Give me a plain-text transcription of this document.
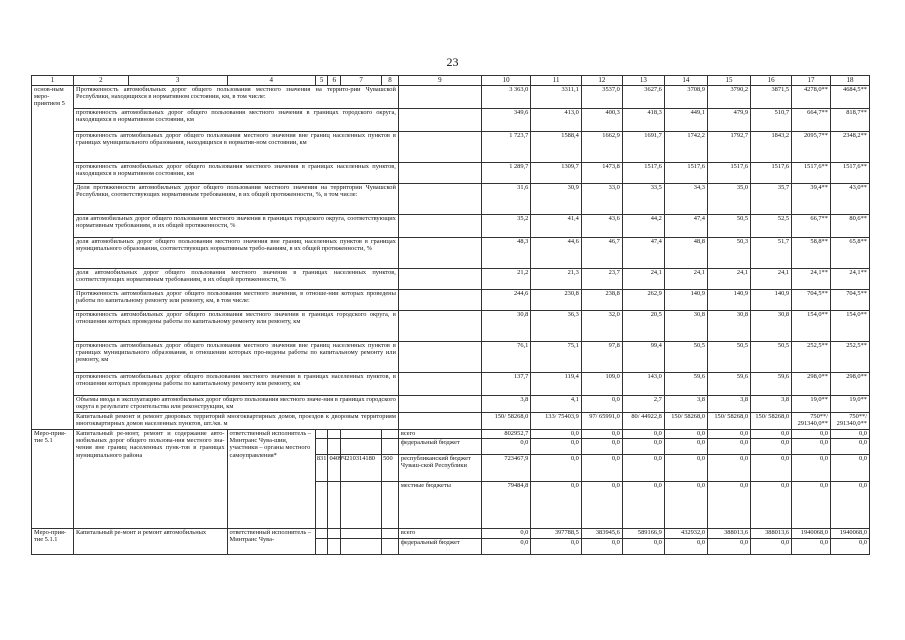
23
1	2	3	4	5	6	7	8	9	10	11	12	13	14	15	16	17	18
основ-ным меро-приятием 5	Протяженность автомобильных дорог общего пользования местного значения на террито-рии Чувашской Республики, находящихся в нормативном состоянии, км, в том числе:								3 363,0	3311,1	3537,0	3627,6	3708,9	3790,2	3871,5	4278,0**	4684,5**
	протяженность автомобильных дорог общего пользования местного значения в границах городского округа, находящихся в нормативном состоянии, км								349,6	413,0	400,3	418,3	449,1	479,9	510,7	664,7**	818,7**
	протяженность автомобильных дорог общего пользования местного значения вне границ населенных пунктов в границах муниципального образования, находящихся в норматив-ном состоянии, км								1 723,7	1588,4	1662,9	1691,7	1742,2	1792,7	1843,2	2095,7**	2348,2**
	протяженность автомобильных дорог общего пользования местного значения в границах населенных пунктов, находящихся в нормативном состоянии, км								1 289,7	1309,7	1473,8	1517,6	1517,6	1517,6	1517,6	1517,6**	1517,6**
	Доля протяженности автомобильных дорог общего пользования местного значения на территории Чувашской Республики, соответствующих нормативным требованиям, в их общей протяженности, %, в том числе:								31,6	30,9	33,0	33,5	34,3	35,0	35,7	39,4**	43,0**
	доля автомобильных дорог общего пользования местного значения в границах городского округа, соответствующих нормативным требованиям, в их общей протяженности, %								35,2	41,4	43,6	44,2	47,4	50,5	52,5	66,7**	80,6**
	доля автомобильных дорог общего пользования местного значения вне границ населенных пунктов в границах муниципального образования, соответствующих нормативным требо-ваниям, в их общей протяженности, %								48,3	44,6	46,7	47,4	48,8	50,3	51,7	58,8**	65,8**
	доля автомобильных дорог общего пользования местного значения в границах населенных пунктов, соответствующих нормативным требованиям, в их общей протяженности, %								21,2	21,3	23,7	24,1	24,1	24,1	24,1	24,1**	24,1**
	Протяженность автомобильных дорог общего пользования местного значения, в отноше-нии которых проведены работы по капитальному ремонту или ремонту, км, в том числе:								244,6	230,8	238,8	262,9	140,9	140,9	140,9	704,5**	704,5**
	протяженность автомобильных дорог общего пользования местного значения в границах городского округа, в отношении которых проведены работы по капитальному ремонту или ремонту, км								30,8	36,3	32,0	20,5	30,8	30,8	30,8	154,0**	154,0**
	протяженность автомобильных дорог общего пользования местного значения вне границ населенных пунктов в границах муниципального образования, в отношении которых про-ведены работы по капитальному ремонту или ремонту, км								76,1	75,1	97,8	99,4	50,5	50,5	50,5	252,5**	252,5**
	протяженность автомобильных дорог общего пользования местного значения в границах населенных пунктов, в отношении которых проведены работы по капитальному ремонту или ремонту, км								137,7	119,4	109,0	143,0	59,6	59,6	59,6	298,0**	298,0**
	Объемы ввода в эксплуатацию автомобильных дорог общего пользования местного значе-ния в границах городского округа в результате строительства или реконструкции, км								3,8	4,1	0,0	2,7	3,8	3,8	3,8	19,0**	19,0**
	Капитальный ремонт и ремонт дворовых территорий многоквартирных домов, проездов к дворовым территориям многоквартирных домов населенных пунктов, шт./кв. м								150/ 58268,0	133/ 75403,9	97/ 65991,0	80/ 44922,8	150/ 58268,0	150/ 58268,0	150/ 58268,0	750**/ 291340,0**	750**/ 291340,0**
Меро-прия-тие 5.1	Капитальный ре-монт, ремонт и содержание авто-мобильных дорог общего пользова-ния местного зна-чения вне границ населенных пунк-тов в границах муниципального района		ответственный исполнитель – Минтранс Чува-шии, участники – органы местного самоуправления*					всего	802952,7	0,0	0,0	0,0	0,0	0,0	0,0	0,0	0,0
								федеральный бюджет	0,0	0,0	0,0	0,0	0,0	0,0	0,0	0,0	0,0
				831	0409	Ч210314180	500	республиканский бюджет Чуваш-ской Республики	723467,9	0,0	0,0	0,0	0,0	0,0	0,0	0,0	0,0
								местные бюджеты	79484,8	0,0	0,0	0,0	0,0	0,0	0,0	0,0	0,0
Меро-прия-тие 5.1.1	Капитальный ре-монт и ремонт автомобильных		ответственный исполнитель – Минтранс Чува-					всего	0,0	397788,5	383945,6	589166,9	432932,0	388013,6	388013,6	1940068,0	1940068,0
								федеральный бюджет	0,0	0,0	0,0	0,0	0,0	0,0	0,0	0,0	0,0
